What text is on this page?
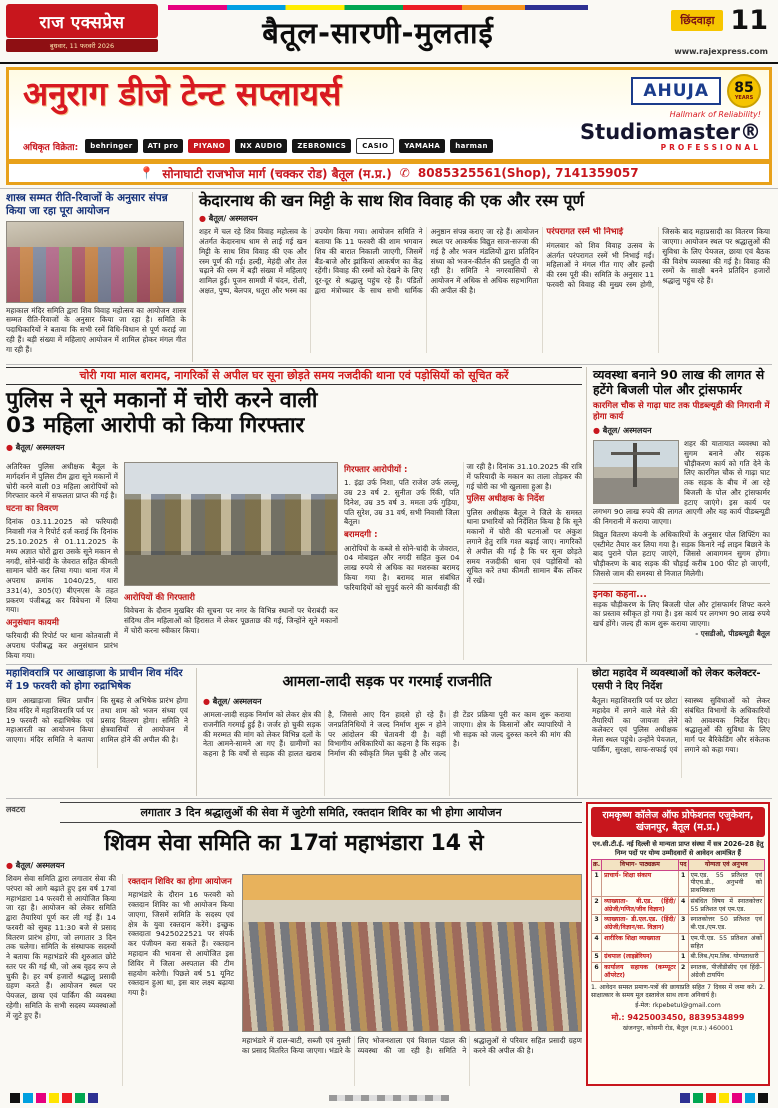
राज एक्सप्रेस
बुधवार, 11 फरवरी 2026	बैतूल-सारणी-मुलताई	छिंदवाड़ा 11
www.rajexpress.com
अनुराग डीजे टेन्ट सप्लायर्स
अधिकृत विक्रेता:	behringer	ATI pro	PIYANO	NX AUDIO	ZEBRONICS	CASIO	YAMAHA	harman
AHUJA	85
YEARS
Hallmark of Reliability!
Studiomaster®
PROFESSIONAL
📍 सोनाघाटी राजभोज मार्ग (चक्कर रोड) बैतूल (म.प्र.) ✆ 8085325561(Shop), 7141359057
शास्त्र सम्मत रीति-रिवाजों के अनुसार संपन्न किया जा रहा पूरा आयोजन

महाकाल मंदिर समिति द्वारा शिव विवाह महोत्सव का आयोजन शास्त्र सम्मत रीति-रिवाजों के अनुसार किया जा रहा है। समिति के पदाधिकारियों ने बताया कि सभी रस्में विधि-विधान से पूर्ण कराई जा रही हैं। बड़ी संख्या में महिलाएं आयोजन में शामिल होकर मंगल गीत गा रही हैं।

केदारनाथ की खन मिट्टी के साथ शिव विवाह की एक और रस्म पूर्ण
● बैतूल/ अस्मलयन

शहर में चल रहे शिव विवाह महोत्सव के अंतर्गत केदारनाथ धाम से लाई गई खन मिट्टी के साथ शिव विवाह की एक और रस्म पूर्ण की गई। हल्दी, मेहंदी और तेल चढ़ाने की रस्म में बड़ी संख्या में महिलाएं शामिल हुईं। पूजन सामग्री में चंदन, रोली, अक्षत, पुष्प, बेलपत्र, धतूरा और भस्म का उपयोग किया गया। आयोजन समिति ने बताया कि 11 फरवरी की शाम भगवान शिव की बारात निकाली जाएगी, जिसमें बैंड-बाजे और झांकियां आकर्षण का केंद्र रहेंगी। विवाह की रस्मों को देखने के लिए दूर-दूर से श्रद्धालु पहुंच रहे हैं। पंडितों द्वारा मंत्रोच्चार के साथ सभी धार्मिक अनुष्ठान संपन्न कराए जा रहे हैं। आयोजन स्थल पर आकर्षक विद्युत साज-सज्जा की गई है और भजन मंडलियों द्वारा प्रतिदिन संध्या को भजन-कीर्तन की प्रस्तुति दी जा रही है। समिति ने नगरवासियों से आयोजन में अधिक से अधिक सहभागिता की अपील की है।

परंपरागत रस्में भी निभाई

मंगलवार को शिव विवाह उत्सव के अंतर्गत परंपरागत रस्में भी निभाई गईं। महिलाओं ने मंगल गीत गाए और हल्दी की रस्म पूरी की। समिति के अनुसार 11 फरवरी को विवाह की मुख्य रस्म होगी, जिसके बाद महाप्रसादी का वितरण किया जाएगा। आयोजन स्थल पर श्रद्धालुओं की सुविधा के लिए पेयजल, छाया एवं बैठक की विशेष व्यवस्था की गई है। विवाह की रस्मों के साक्षी बनने प्रतिदिन हजारों श्रद्धालु पहुंच रहे हैं।

चोरी गया माल बरामद, नागरिकों से अपील घर सूना छोड़ते समय नजदीकी थाना एवं पड़ोसियों को सूचित करें
पुलिस ने सूने मकानों में चोरी करने वाली
03 महिला आरोपी को किया गिरफ्तार
● बैतूल/ अस्मलयन

अतिरिक्त पुलिस अधीक्षक बैतूल के मार्गदर्शन में पुलिस टीम द्वारा सूने मकानों में चोरी करने वाली 03 महिला आरोपियों को गिरफ्तार करने में सफलता प्राप्त की गई है।

घटना का विवरण

दिनांक 03.11.2025 को फरियादी निवासी गंज ने रिपोर्ट दर्ज कराई कि दिनांक 25.10.2025 से 01.11.2025 के मध्य अज्ञात चोरों द्वारा उसके सूने मकान से नगदी, सोने-चांदी के जेवरात सहित कीमती सामान चोरी कर लिया गया। थाना गंज में अपराध क्रमांक 1040/25, धारा 331(4), 305(ए) बीएनएस के तहत प्रकरण पंजीबद्ध कर विवेचना में लिया गया।

अनुसंधान कायमी

फरियादी की रिपोर्ट पर थाना कोतवाली में अपराध पंजीबद्ध कर अनुसंधान प्रारंभ किया गया।

आरोपियों की गिरफ्तारी

विवेचना के दौरान मुखबिर की सूचना पर नगर के विभिन्न स्थानों पर घेराबंदी कर संदिग्ध तीन महिलाओं को हिरासत में लेकर पूछताछ की गई, जिन्होंने सूने मकानों में चोरी करना स्वीकार किया।

गिरफ्तार आरोपीयों :

1. इंद्रा उर्फ निशा, पति राजेश उर्फ लल्लू, उम्र 23 वर्ष 2. सुनीता उर्फ रिंकी, पति दिनेश, उम्र 35 वर्ष 3. ममता उर्फ गुड़िया, पति सुरेश, उम्र 31 वर्ष, सभी निवासी जिला बैतूल।

बरामदगी :

आरोपियों के कब्जे से सोने-चांदी के जेवरात, 04 मोबाइल और नगदी सहित कुल 04 लाख रुपये से अधिक का मशरुका बरामद किया गया है। बरामद माल संबंधित फरियादियों को सुपुर्द करने की कार्यवाही की जा रही है। दिनांक 31.10.2025 की रात्रि में फरियादी के मकान का ताला तोड़कर की गई चोरी का भी खुलासा हुआ है।

पुलिस अधीक्षक के निर्देश

पुलिस अधीक्षक बैतूल ने जिले के समस्त थाना प्रभारियों को निर्देशित किया है कि सूने मकानों में चोरी की घटनाओं पर अंकुश लगाने हेतु रात्रि गश्त बढ़ाई जाए। नागरिकों से अपील की गई है कि घर सूना छोड़ते समय नजदीकी थाना एवं पड़ोसियों को सूचित करें तथा कीमती सामान बैंक लॉकर में रखें।

व्यवस्था बनाने 90 लाख की लागत से हटेंगे बिजली पोल और ट्रांसफार्मर
कारगिल चौक से गाढ़ा घाट तक पीडब्ल्यूडी की निगरानी में होगा कार्य
● बैतूल/ अस्मलयन

शहर की यातायात व्यवस्था को सुगम बनाने और सड़क चौड़ीकरण कार्य को गति देने के लिए कारगिल चौक से गाढ़ा घाट तक सड़क के बीच में आ रहे बिजली के पोल और ट्रांसफार्मर हटाए जाएंगे। इस कार्य पर लगभग 90 लाख रुपये की लागत आएगी और यह कार्य पीडब्ल्यूडी की निगरानी में कराया जाएगा।

विद्युत वितरण कंपनी के अधिकारियों के अनुसार पोल शिफ्टिंग का एस्टीमेट तैयार कर लिया गया है। सड़क किनारे नई लाइन बिछाने के बाद पुराने पोल हटाए जाएंगे, जिससे आवागमन सुगम होगा। चौड़ीकरण के बाद सड़क की चौड़ाई करीब 100 फीट हो जाएगी, जिससे जाम की समस्या से निजात मिलेगी।

इनका कहना...

सड़क चौड़ीकरण के लिए बिजली पोल और ट्रांसफार्मर शिफ्ट करने का प्रस्ताव स्वीकृत हो गया है। इस कार्य पर लगभग 90 लाख रुपये खर्च होंगे। जल्द ही काम शुरू कराया जाएगा।

- एसडीओ, पीडब्ल्यूडी बैतूल
महाशिवरात्रि पर आखाड़ाजा के प्राचीन शिव मंदिर में 19 फरवरी को होगा रुद्राभिषेक

ग्राम आखाड़ाजा स्थित प्राचीन शिव मंदिर में महाशिवरात्रि पर्व पर 19 फरवरी को रुद्राभिषेक एवं महाआरती का आयोजन किया जाएगा। मंदिर समिति ने बताया कि सुबह से अभिषेक प्रारंभ होगा तथा शाम को भजन संध्या एवं प्रसाद वितरण होगा। समिति ने क्षेत्रवासियों से आयोजन में शामिल होने की अपील की है।

आमला-लादी सड़क पर गरमाई राजनीति
● बैतूल/ अस्मलयन

आमला-लादी सड़क निर्माण को लेकर क्षेत्र की राजनीति गरमाई हुई है। जर्जर हो चुकी सड़क की मरम्मत की मांग को लेकर विभिन्न दलों के नेता आमने-सामने आ गए हैं। ग्रामीणों का कहना है कि वर्षों से सड़क की हालत खराब है, जिससे आए दिन हादसे हो रहे हैं। जनप्रतिनिधियों ने जल्द निर्माण शुरू न होने पर आंदोलन की चेतावनी दी है। वहीं विभागीय अधिकारियों का कहना है कि सड़क निर्माण की स्वीकृति मिल चुकी है और जल्द ही टेंडर प्रक्रिया पूरी कर काम शुरू कराया जाएगा। क्षेत्र के किसानों और व्यापारियों ने भी सड़क को जल्द दुरुस्त करने की मांग की है।

छोटा महादेव में व्यवस्थाओं को लेकर कलेक्टर-एसपी ने दिए निर्देश

बैतूल। महाशिवरात्रि पर्व पर छोटा महादेव में लगने वाले मेले की तैयारियों का जायजा लेने कलेक्टर एवं पुलिस अधीक्षक मेला स्थल पहुंचे। उन्होंने पेयजल, पार्किंग, सुरक्षा, साफ-सफाई एवं स्वास्थ्य सुविधाओं को लेकर संबंधित विभागों के अधिकारियों को आवश्यक निर्देश दिए। श्रद्धालुओं की सुविधा के लिए मार्ग पर बैरिकेडिंग और संकेतक लगाने को कहा गया।

लवटरा	लगातार 3 दिन श्रद्धालुओं की सेवा में जुटेगी समिति, रक्तदान शिविर का भी होगा आयोजन
शिवम सेवा समिति का 17वां महाभंडारा 14 से
● बैतूल/ अस्मलयन

शिवम सेवा समिति द्वारा लगातार सेवा की परंपरा को आगे बढ़ाते हुए इस वर्ष 17वां महाभंडारा 14 फरवरी से आयोजित किया जा रहा है। आयोजन को लेकर समिति द्वारा तैयारियां पूर्ण कर ली गई हैं। 14 फरवरी को सुबह 11:30 बजे से प्रसाद वितरण प्रारंभ होगा, जो लगातार 3 दिन तक चलेगा। समिति के संस्थापक सदस्यों ने बताया कि महाभंडारे की शुरुआत छोटे स्तर पर की गई थी, जो अब वृहद रूप ले चुकी है। हर वर्ष हजारों श्रद्धालु प्रसादी ग्रहण करते हैं। आयोजन स्थल पर पेयजल, छाया एवं पार्किंग की व्यवस्था रहेगी। समिति के सभी सदस्य व्यवस्थाओं में जुटे हुए हैं।

रक्तदान शिविर का होगा आयोजन

महाभंडारे के दौरान 16 फरवरी को रक्तदान शिविर का भी आयोजन किया जाएगा, जिसमें समिति के सदस्य एवं क्षेत्र के युवा रक्तदान करेंगे। इच्छुक रक्तदाता 9425022521 पर संपर्क कर पंजीयन करा सकते हैं। रक्तदान महादान की भावना से आयोजित इस शिविर में जिला अस्पताल की टीम सहयोग करेगी। पिछले वर्ष 51 यूनिट रक्तदान हुआ था, इस बार लक्ष्य बढ़ाया गया है।

महाभंडारे में दाल-बाटी, सब्जी एवं नुक्ती का प्रसाद वितरित किया जाएगा। भंडारे के लिए भोजनशाला एवं विशाल पंडाल की व्यवस्था की जा रही है। समिति ने श्रद्धालुओं से परिवार सहित प्रसादी ग्रहण करने की अपील की है।

रामकृष्ण कॉलेज ऑफ प्रोफेशनल एजुकेशन, खंजनपुर, बैतूल (म.प्र.)
एन.सी.टी.ई. नई दिल्ली से मान्यता प्राप्त संस्था में सत्र 2026-28 हेतु निम्न पदों पर योग्य उम्मीदवारों से आवेदन आमंत्रित हैं
क्र.	विभाग- पाठ्यक्रम	पद	योग्यता एवं अनुभव
1	प्राचार्य- शिक्षा संकाय	1	एम.एड. 55 प्रतिशत एवं पीएच.डी., अनुभवी को प्राथमिकता
2	व्याख्याता- बी.एड. (हिंदी/अंग्रेजी/गणित/जीव विज्ञान)	4	संबंधित विषय में स्नातकोत्तर 55 प्रतिशत एवं एम.एड.
3	व्याख्याता- डी.एल.एड. (हिंदी/अंग्रेजी/विज्ञान/सा. विज्ञान)	3	स्नातकोत्तर 50 प्रतिशत एवं बी.एड./एम.एड.
4	शारीरिक शिक्षा व्याख्याता	1	एम.पी.एड. 55 प्रतिशत अंकों सहित
5	ग्रंथपाल (लाइब्रेरियन)	1	बी.लिब./एम.लिब. योग्यताधारी
6	कार्यालय सहायक (कम्प्यूटर ऑपरेटर)	2	स्नातक, पीजीडीसीए एवं हिंदी-अंग्रेजी टायपिंग
1. आवेदन समस्त प्रमाण-पत्रों की छायाप्रति सहित 7 दिवस में जमा करें। 2. साक्षात्कार के समय मूल दस्तावेज साथ लाना अनिवार्य है।
ई-मेल: rkpebetul@gmail.com
मो.: 9425003450, 8839534899
खंजनपुर, कोसमी रोड, बैतूल (म.प्र.) 460001
